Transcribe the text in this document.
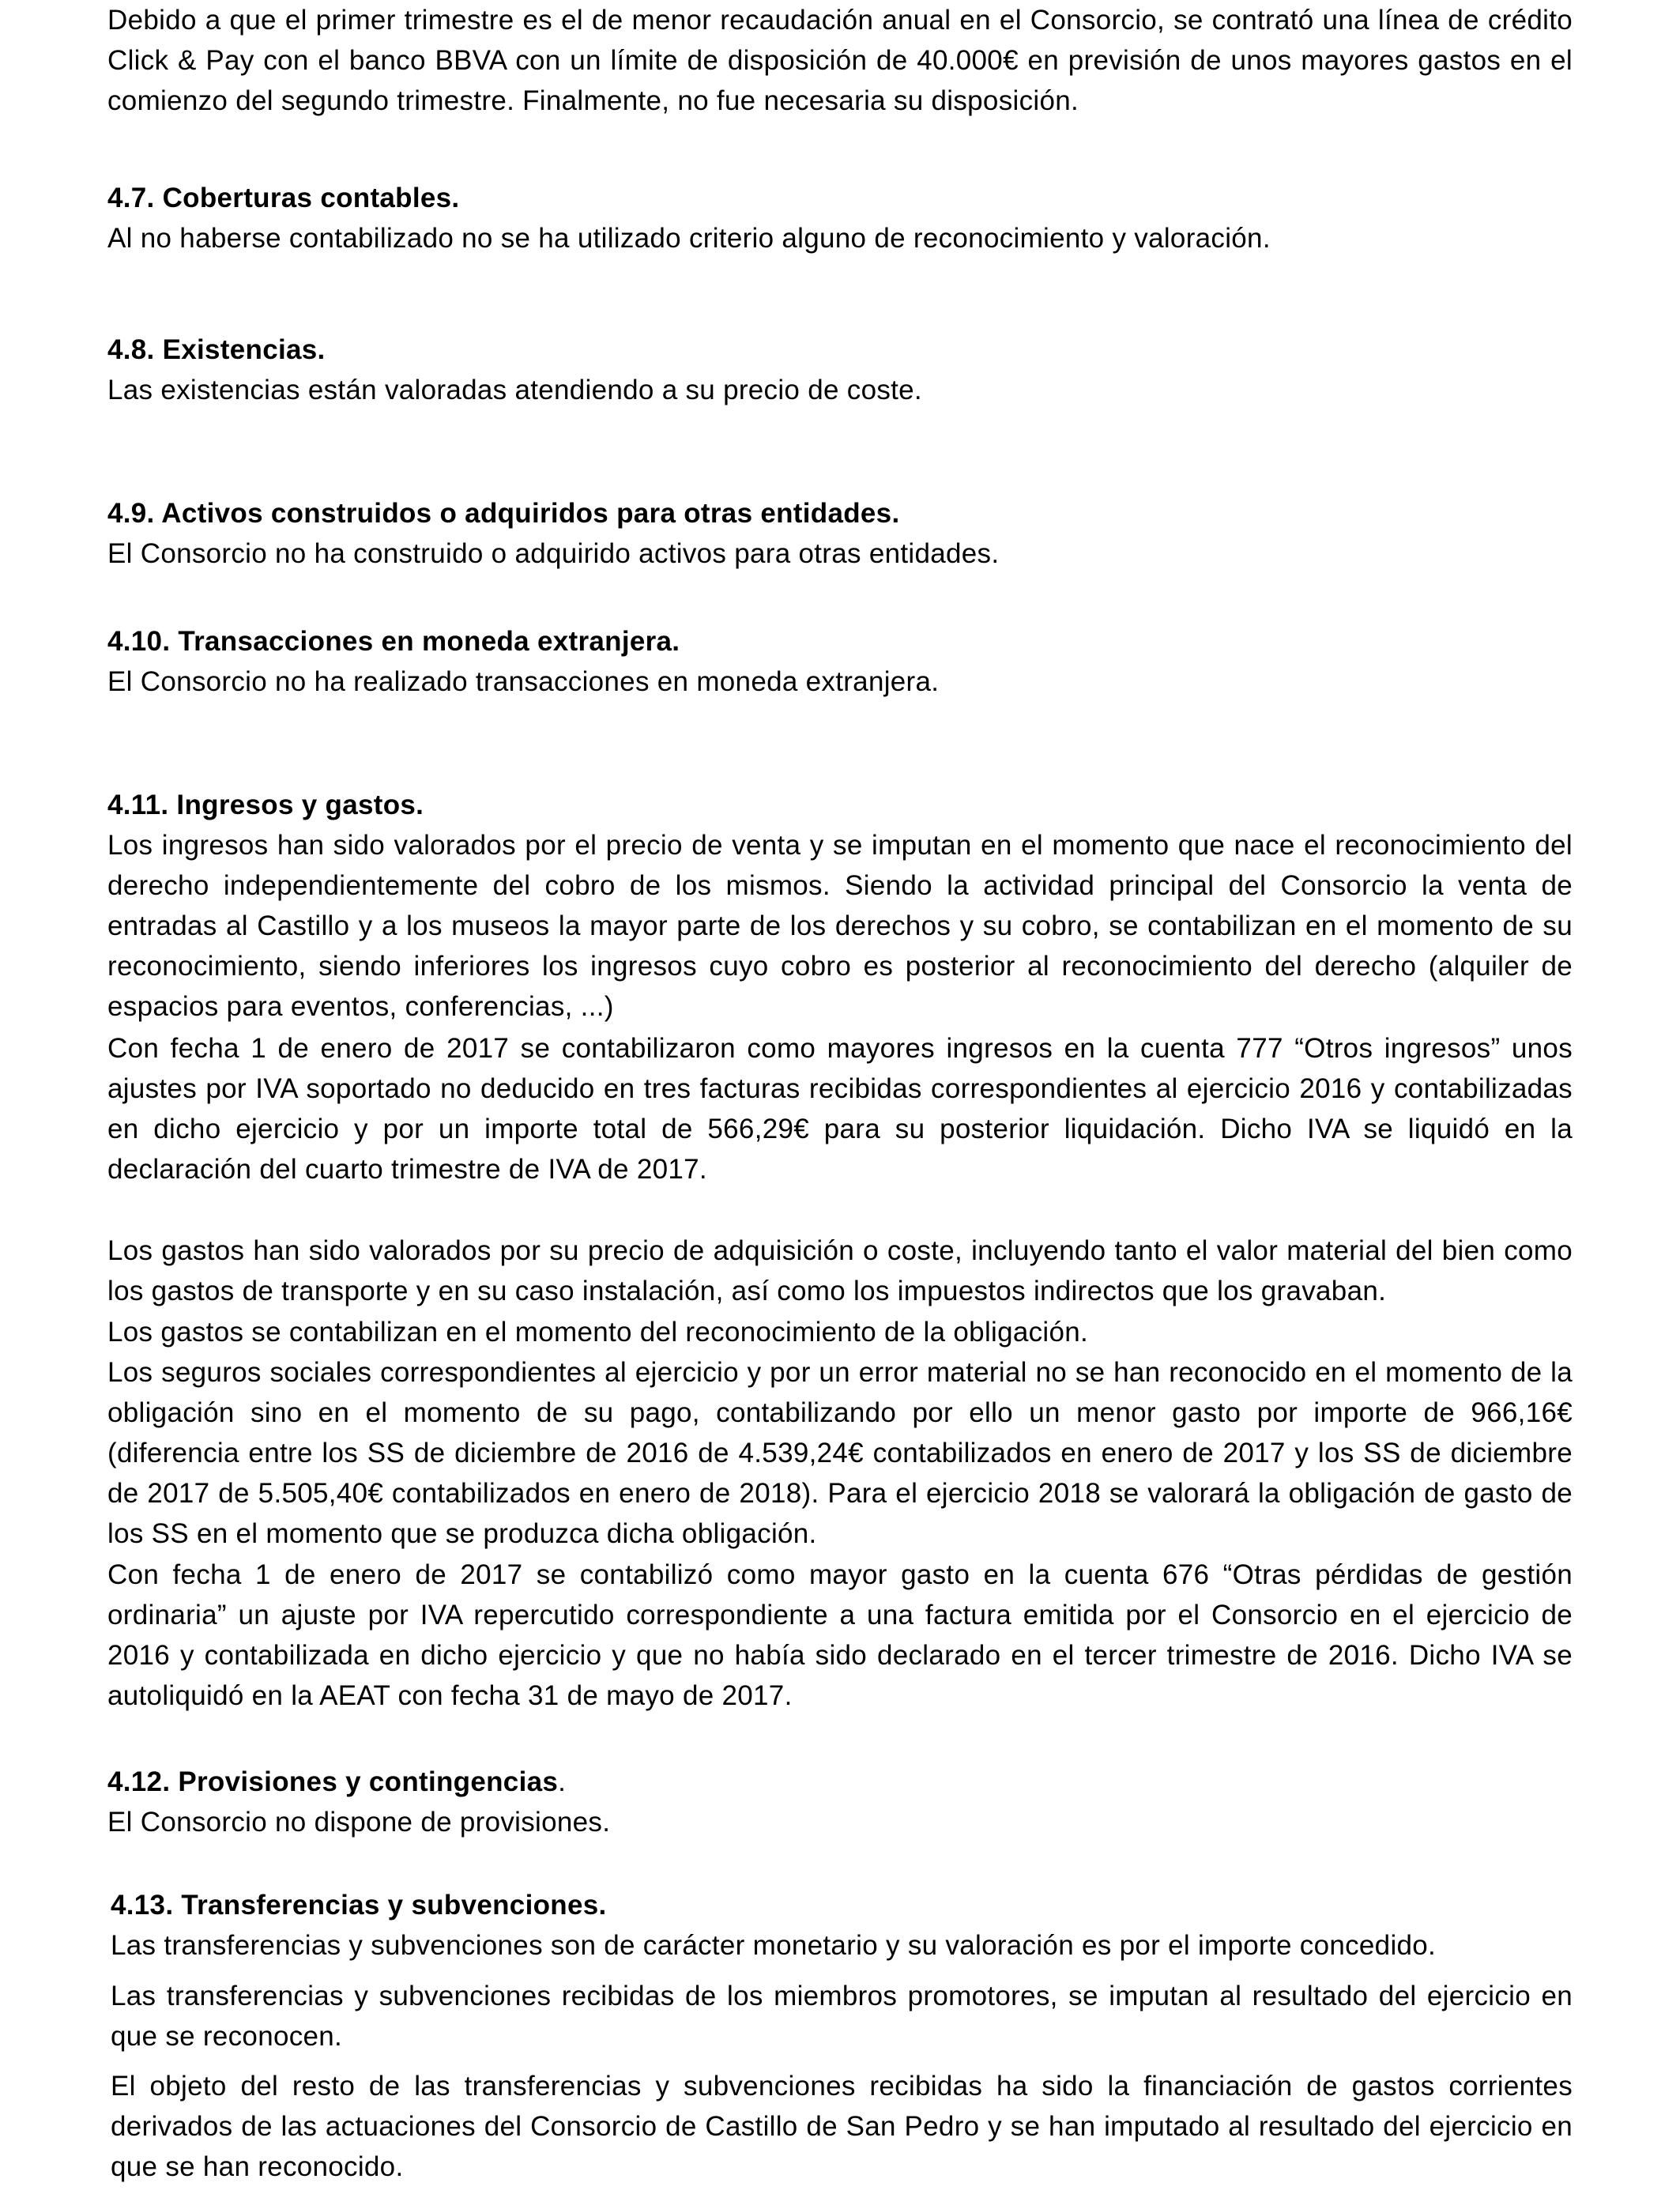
Debido a que el primer trimestre es el de menor recaudación anual en el Consorcio, se contrató una línea de crédito Click & Pay con el banco BBVA con un límite de disposición de 40.000€ en previsión de unos mayores gastos en el comienzo del segundo trimestre. Finalmente, no fue necesaria su disposición.

4.7. Coberturas contables.

Al no haberse contabilizado no se ha utilizado criterio alguno de reconocimiento y valoración.

4.8. Existencias.

Las existencias están valoradas atendiendo a su precio de coste.

4.9. Activos construidos o adquiridos para otras entidades.

El Consorcio no ha construido o adquirido activos para otras entidades.

4.10. Transacciones en moneda extranjera.

El Consorcio no ha realizado transacciones en moneda extranjera.

4.11. Ingresos y gastos.

Los ingresos han sido valorados por el precio de venta y se imputan en el momento que nace el reconocimiento del derecho independientemente del cobro de los mismos. Siendo la actividad principal del Consorcio la venta de entradas al Castillo y a los museos la mayor parte de los derechos y su cobro, se contabilizan en el momento de su reconocimiento, siendo inferiores los ingresos cuyo cobro es posterior al reconocimiento del derecho (alquiler de espacios para eventos, conferencias, ...)

Con fecha 1 de enero de 2017 se contabilizaron como mayores ingresos en la cuenta 777 “Otros ingresos” unos ajustes por IVA soportado no deducido en tres facturas recibidas correspondientes al ejercicio 2016 y contabilizadas en dicho ejercicio y por un importe total de 566,29€ para su posterior liquidación. Dicho IVA se liquidó en la declaración del cuarto trimestre de IVA de 2017.

Los gastos han sido valorados por su precio de adquisición o coste, incluyendo tanto el valor material del bien como los gastos de transporte y en su caso instalación, así como los impuestos indirectos que los gravaban.

Los gastos se contabilizan en el momento del reconocimiento de la obligación.

Los seguros sociales correspondientes al ejercicio y por un error material no se han reconocido en el momento de la obligación sino en el momento de su pago, contabilizando por ello un menor gasto por importe de 966,16€ (diferencia entre los SS de diciembre de 2016 de 4.539,24€ contabilizados en enero de 2017 y los SS de diciembre de 2017 de 5.505,40€ contabilizados en enero de 2018). Para el ejercicio 2018 se valorará la obligación de gasto de los SS en el momento que se produzca dicha obligación.

Con fecha 1 de enero de 2017 se contabilizó como mayor gasto en la cuenta 676 “Otras pérdidas de gestión ordinaria” un ajuste por IVA repercutido correspondiente a una factura emitida por el Consorcio en el ejercicio de 2016 y contabilizada en dicho ejercicio y que no había sido declarado en el tercer trimestre de 2016. Dicho IVA se autoliquidó en la AEAT con fecha 31 de mayo de 2017.

4.12. Provisiones y contingencias.

El Consorcio no dispone de provisiones.

4.13. Transferencias y subvenciones.

Las transferencias y subvenciones son de carácter monetario y su valoración es por el importe concedido.

Las transferencias y subvenciones recibidas de los miembros promotores, se imputan al resultado del ejercicio en que se reconocen.

El objeto del resto de las transferencias y subvenciones recibidas ha sido la financiación de gastos corrientes derivados de las actuaciones del Consorcio de Castillo de San Pedro y se han imputado al resultado del ejercicio en que se han reconocido.
